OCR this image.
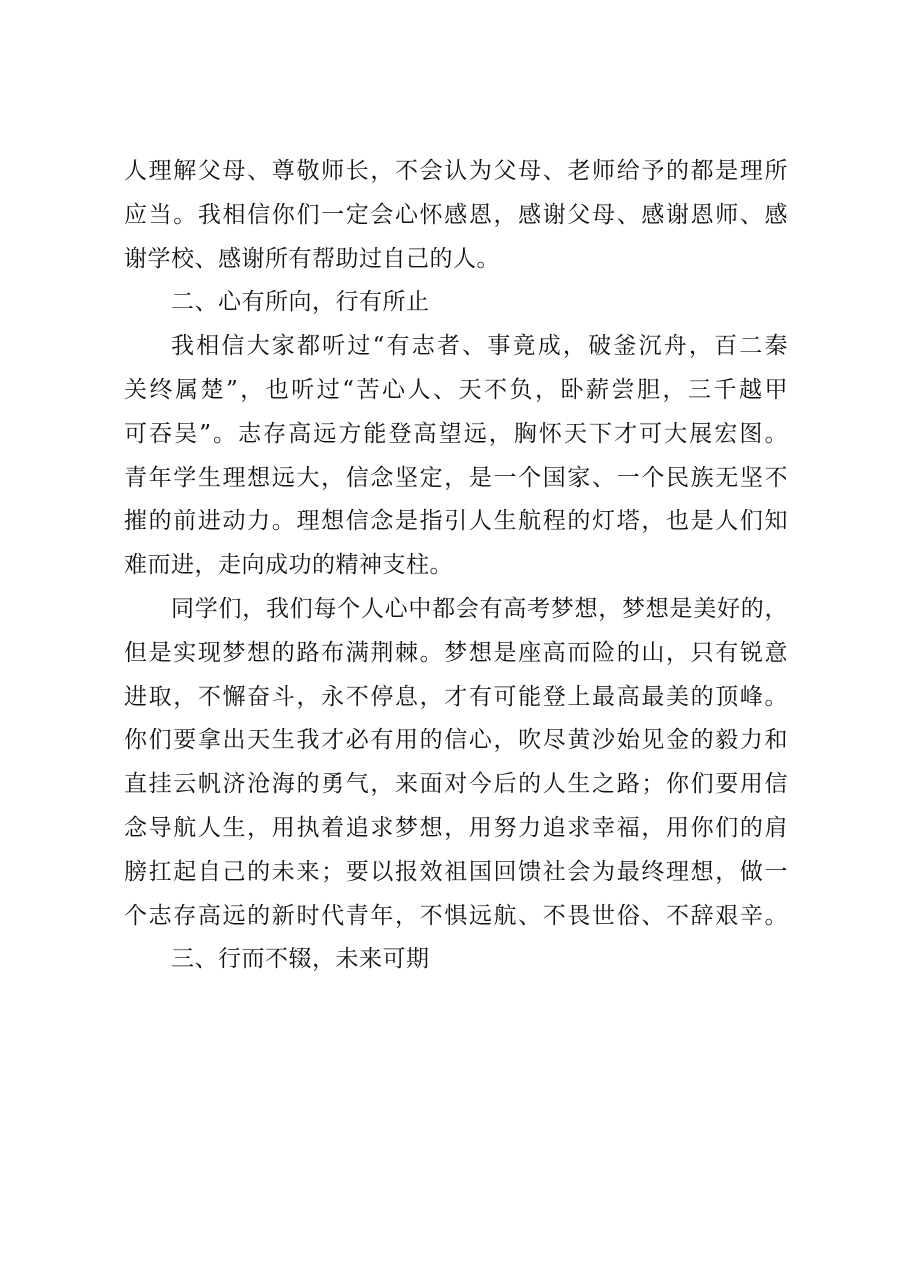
人理解父母、尊敬师长，不会认为父母、老师给予的都是理所
应当。我相信你们一定会心怀感恩，感谢父母、感谢恩师、感
谢学校、感谢所有帮助过自己的人。
二、心有所向，行有所止
我相信大家都听过“有志者、事竟成，破釜沉舟，百二秦
关终属楚”，也听过“苦心人、天不负，卧薪尝胆，三千越甲
可吞吴”。志存高远方能登高望远，胸怀天下才可大展宏图。
青年学生理想远大，信念坚定，是一个国家、一个民族无坚不
摧的前进动力。理想信念是指引人生航程的灯塔，也是人们知
难而进，走向成功的精神支柱。
同学们，我们每个人心中都会有高考梦想，梦想是美好的，
但是实现梦想的路布满荆棘。梦想是座高而险的山，只有锐意
进取，不懈奋斗，永不停息，才有可能登上最高最美的顶峰。
你们要拿出天生我才必有用的信心，吹尽黄沙始见金的毅力和
直挂云帆济沧海的勇气，来面对今后的人生之路；你们要用信
念导航人生，用执着追求梦想，用努力追求幸福，用你们的肩
膀扛起自己的未来；要以报效祖国回馈社会为最终理想，做一
个志存高远的新时代青年，不惧远航、不畏世俗、不辞艰辛。
三、行而不辍，未来可期
